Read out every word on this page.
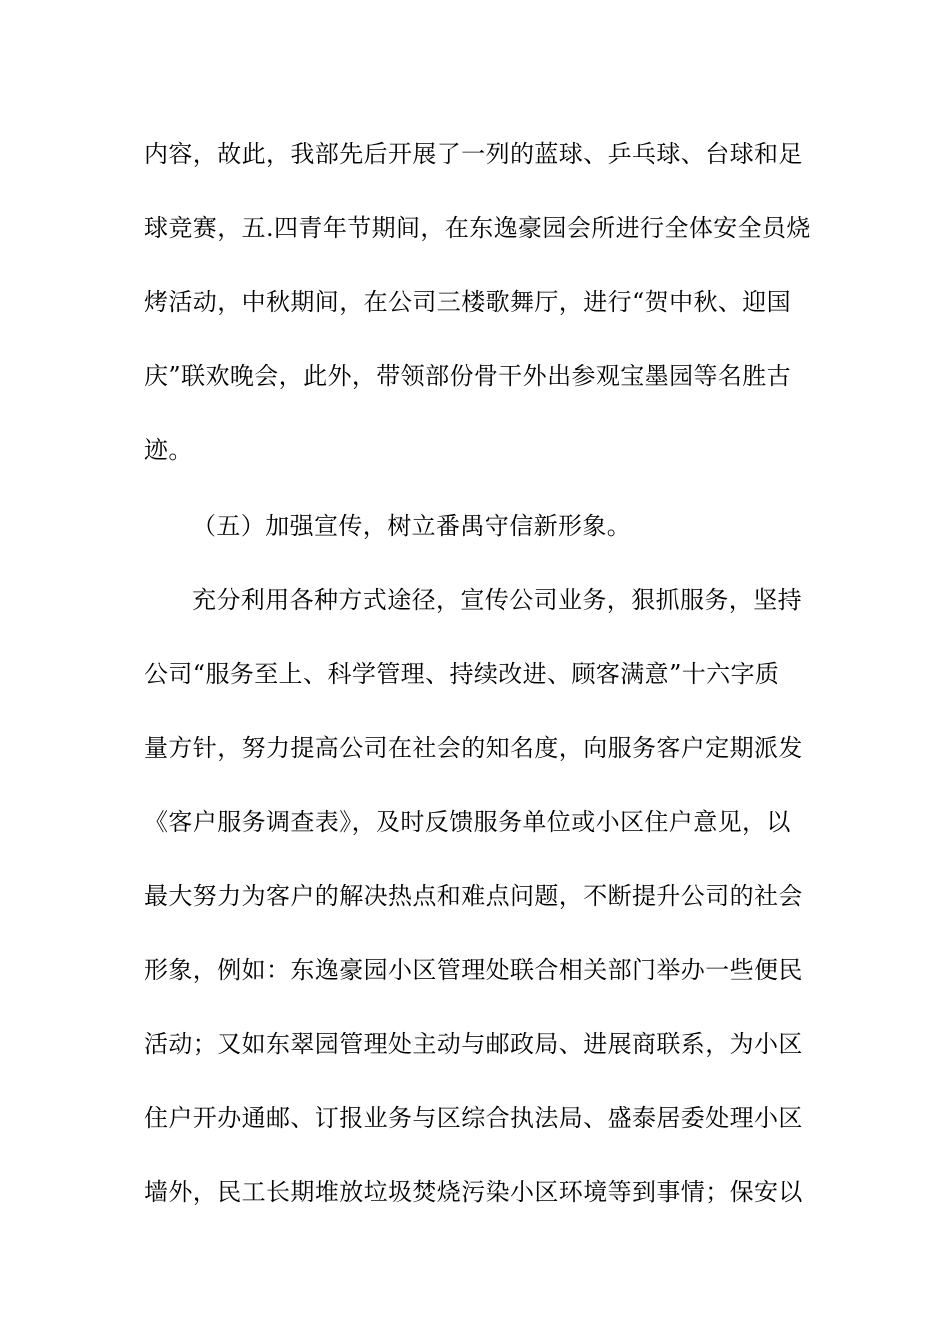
内容，故此，我部先后开展了一列的蓝球、乒乓球、台球和足
球竞赛，五.四青年节期间，在东逸豪园会所进行全体安全员烧
烤活动，中秋期间，在公司三楼歌舞厅，进行“贺中秋、迎国
庆”联欢晚会，此外，带领部份骨干外出参观宝墨园等名胜古
迹。
（五）加强宣传，树立番禺守信新形象。
充分利用各种方式途径，宣传公司业务，狠抓服务，坚持
公司“服务至上、科学管理、持续改进、顾客满意”十六字质
量方针，努力提高公司在社会的知名度，向服务客户定期派发
《客户服务调查表》，及时反馈服务单位或小区住户意见，以
最大努力为客户的解决热点和难点问题，不断提升公司的社会
形象，例如：东逸豪园小区管理处联合相关部门举办一些便民
活动；又如东翠园管理处主动与邮政局、进展商联系，为小区
住户开办通邮、订报业务与区综合执法局、盛泰居委处理小区
墙外，民工长期堆放垃圾焚烧污染小区环境等到事情；保安以
